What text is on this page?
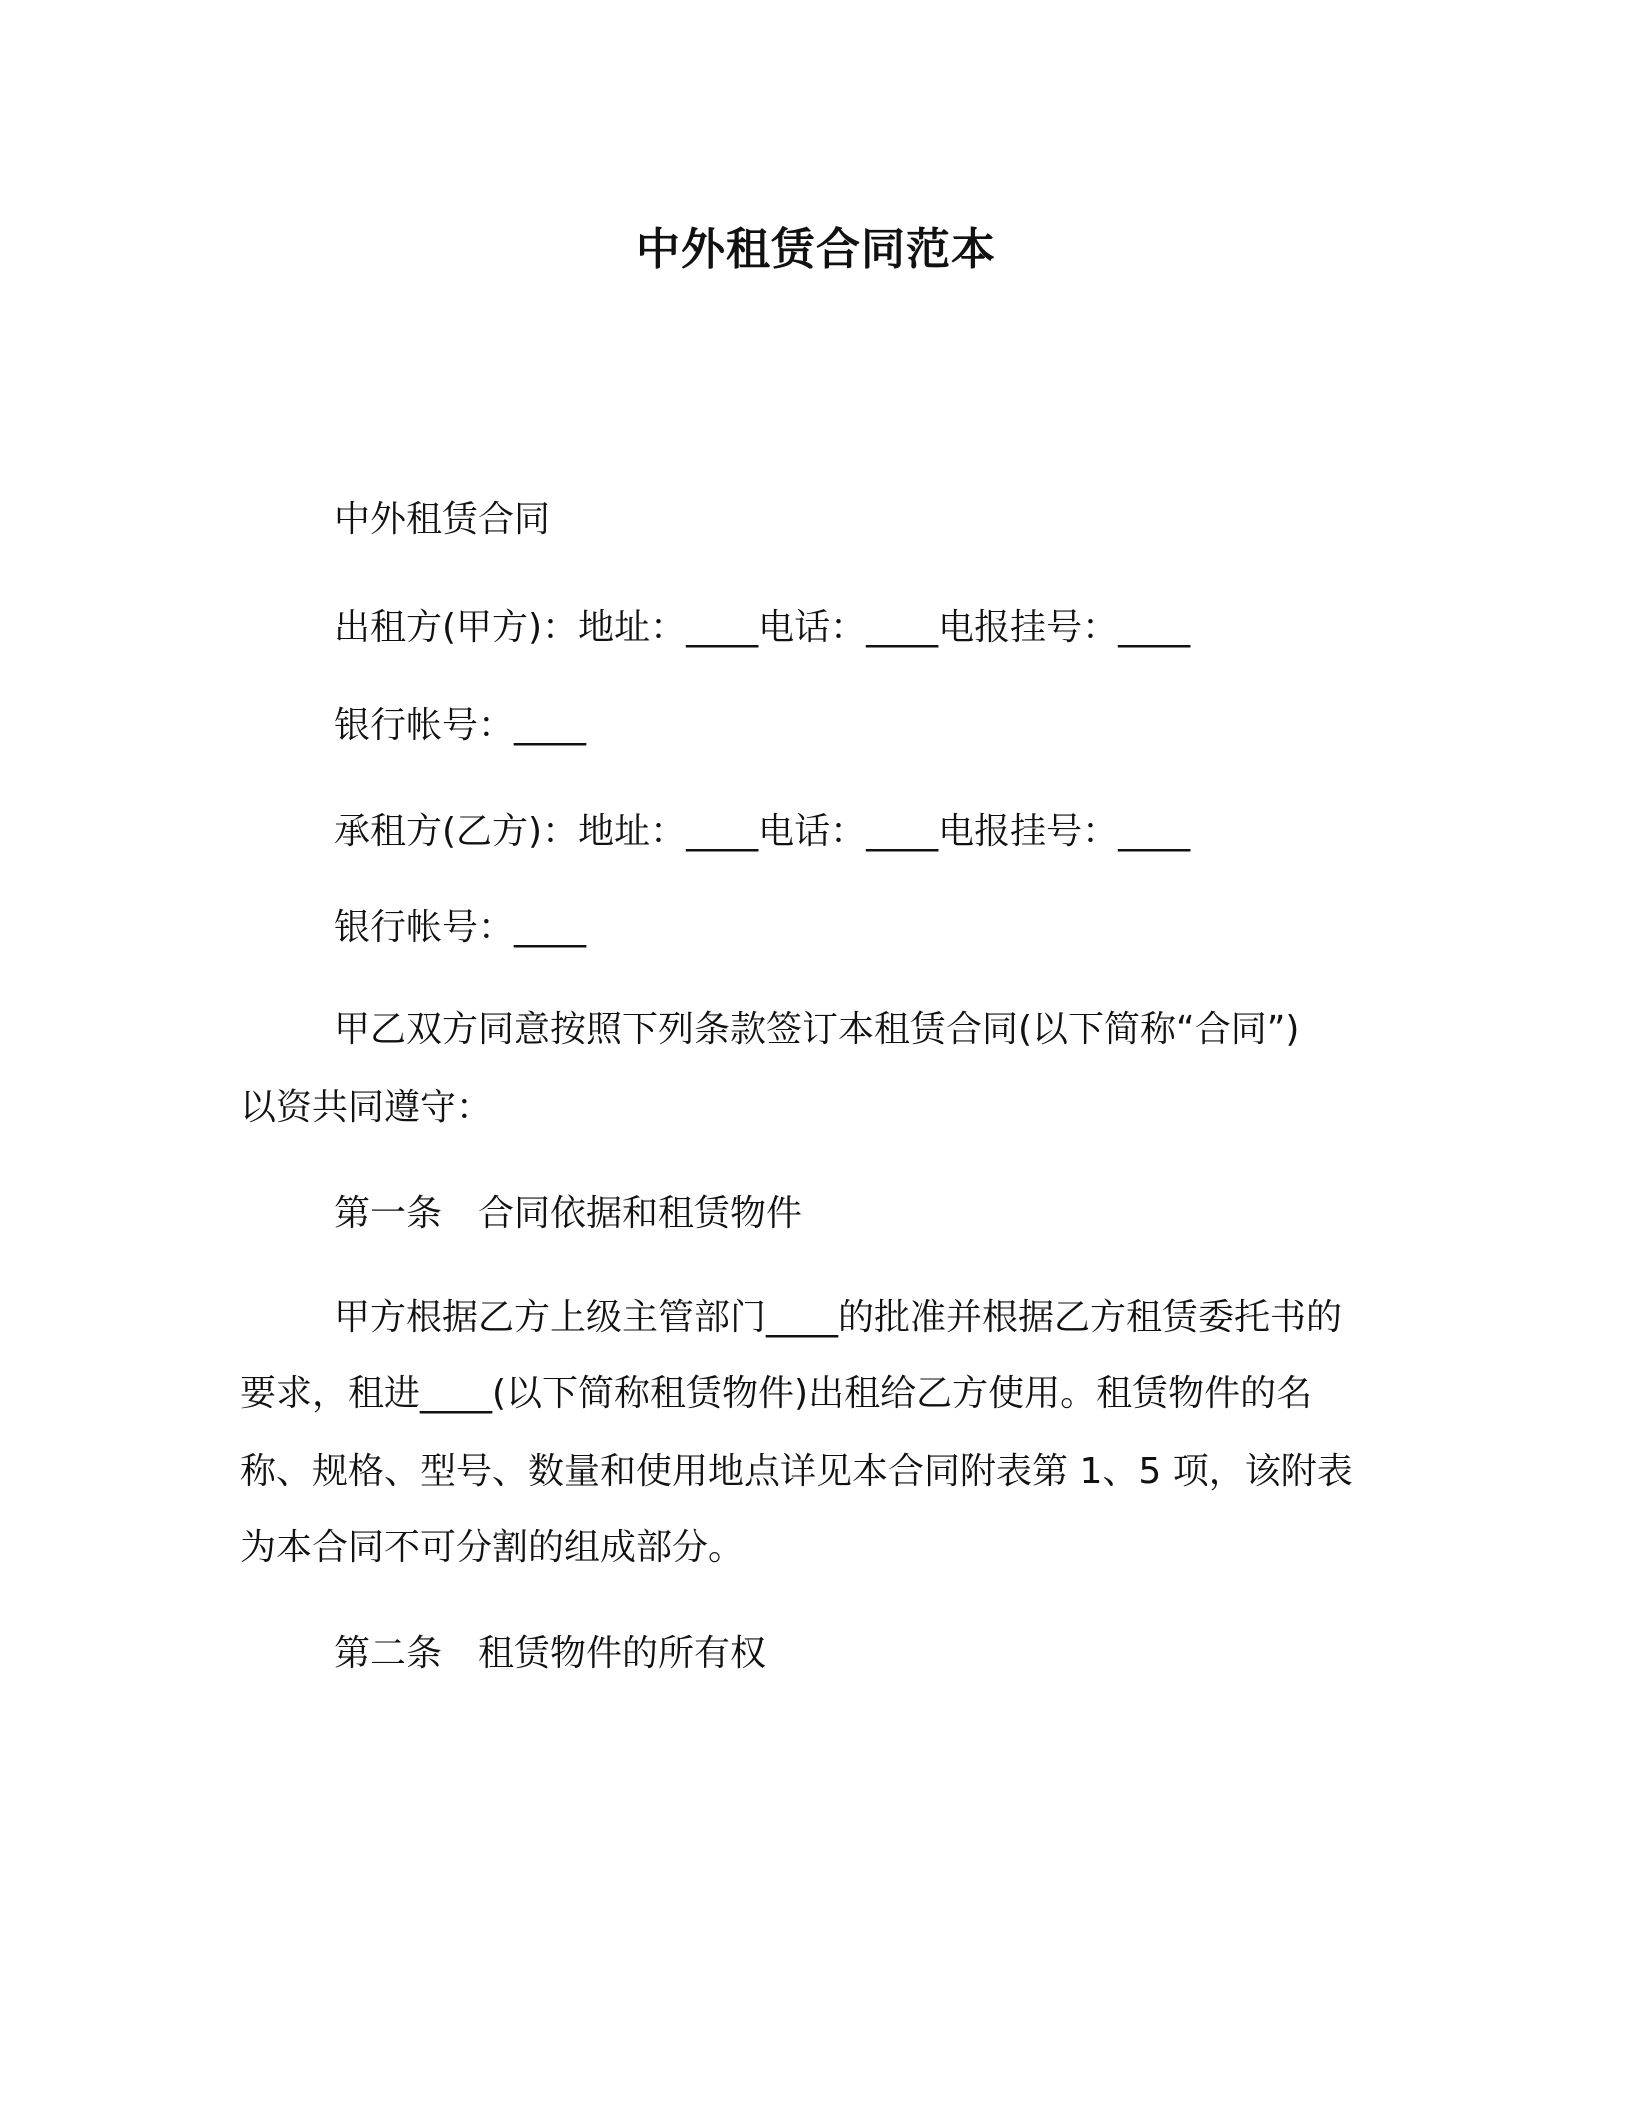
中外租赁合同范本
中外租赁合同
出租方(甲方)：地址：____电话：____电报挂号：____
银行帐号：____
承租方(乙方)：地址：____电话：____电报挂号：____
银行帐号：____
甲乙双方同意按照下列条款签订本租赁合同(以下简称“合同”)
以资共同遵守：
第一条　合同依据和租赁物件
甲方根据乙方上级主管部门____的批准并根据乙方租赁委托书的
要求，租进____(以下简称租赁物件)出租给乙方使用。租赁物件的名
称、规格、型号、数量和使用地点详见本合同附表第 1、5 项，该附表
为本合同不可分割的组成部分。
第二条　租赁物件的所有权
